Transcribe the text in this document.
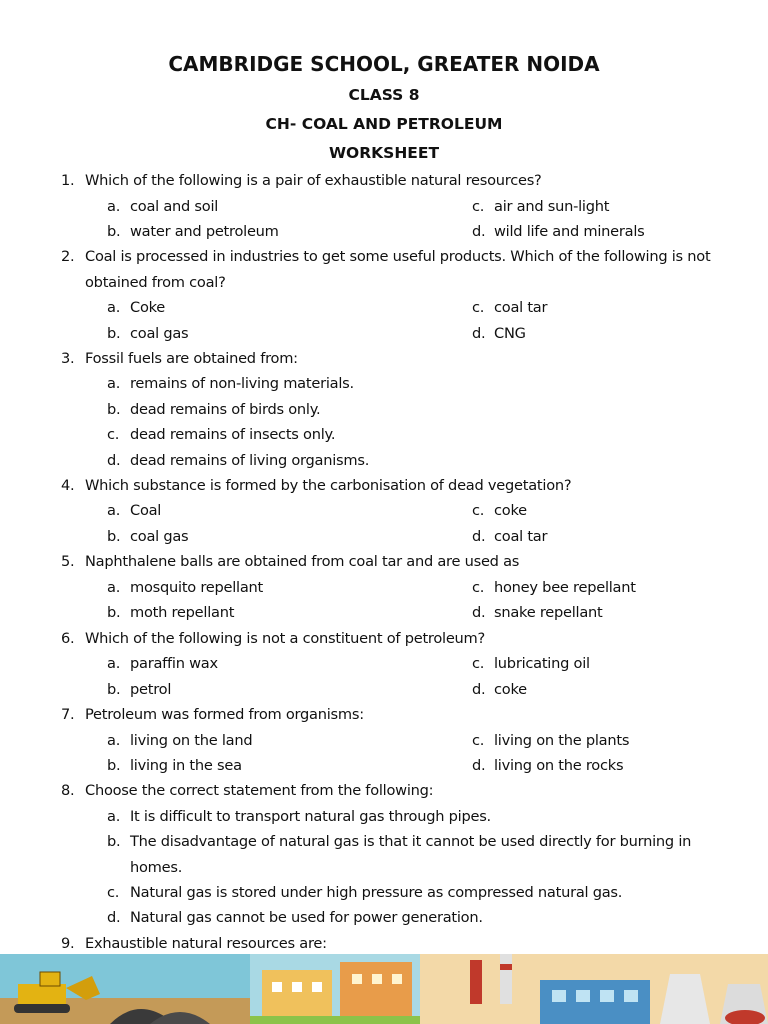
CAMBRIDGE SCHOOL, GREATER NOIDA
CLASS 8
CH- COAL AND PETROLEUM
WORKSHEET
1. Which of the following is a pair of exhaustible natural resources?
a. coal and soil	c. air and sun-light
b. water and petroleum	d. wild life and minerals
2. Coal is processed in industries to get some useful products. Which of the following is not
obtained from coal?
a. Coke	c. coal tar
b. coal gas	d. CNG
3. Fossil fuels are obtained from:
a. remains of non-living materials.
b. dead remains of birds only.
c. dead remains of insects only.
d. dead remains of living organisms.
4. Which substance is formed by the carbonisation of dead vegetation?
a. Coal	c. coke
b. coal gas	d. coal tar
5. Naphthalene balls are obtained from coal tar and are used as
a. mosquito repellant	c. honey bee repellant
b. moth repellant	d. snake repellant
6. Which of the following is not a constituent of petroleum?
a. paraffin wax	c. lubricating oil
b. petrol	d. coke
7. Petroleum was formed from organisms:
a. living on the land	c. living on the plants
b. living in the sea	d. living on the rocks
8. Choose the correct statement from the following:
a. It is difficult to transport natural gas through pipes.
b. The disadvantage of natural gas is that it cannot be used directly for burning in
homes.
c. Natural gas is stored under high pressure as compressed natural gas.
d. Natural gas cannot be used for power generation.
9. Exhaustible natural resources are:
